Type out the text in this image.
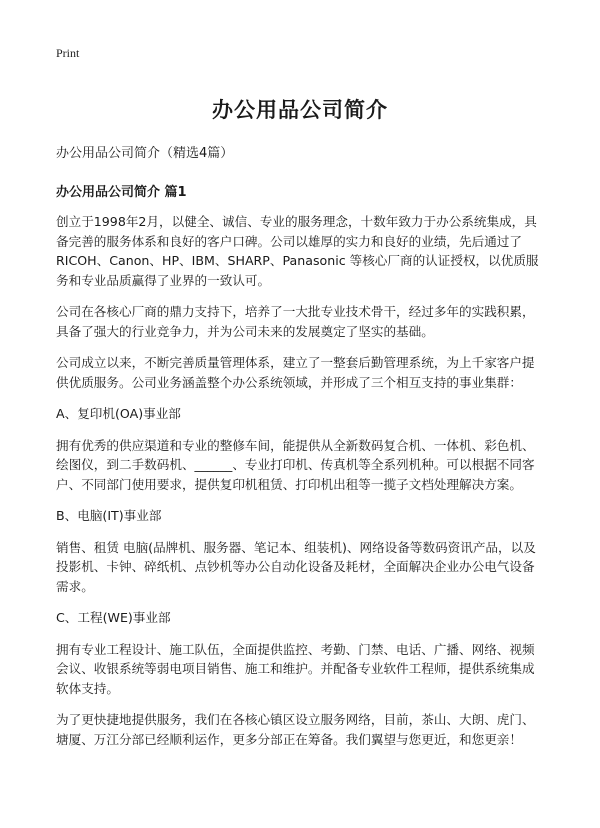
Print
办公用品公司简介
办公用品公司简介（精选4篇）
办公用品公司简介 篇1

创立于1998年2月，以健全、诚信、专业的服务理念，十数年致力于办公系统集成，具备完善的服务体系和良好的客户口碑。公司以雄厚的实力和良好的业绩，先后通过了 RICOH、Canon、HP、IBM、SHARP、Panasonic 等核心厂商的认证授权，以优质服务和专业品质赢得了业界的一致认可。

公司在各核心厂商的鼎力支持下，培养了一大批专业技术骨干，经过多年的实践积累，具备了强大的行业竞争力，并为公司未来的发展奠定了坚实的基础。

公司成立以来，不断完善质量管理体系，建立了一整套后勤管理系统，为上千家客户提供优质服务。公司业务涵盖整个办公系统领域，并形成了三个相互支持的事业集群：

A、复印机(OA)事业部

拥有优秀的供应渠道和专业的整修车间，能提供从全新数码复合机、一体机、彩色机、绘图仪，到二手数码机、______、专业打印机、传真机等全系列机种。可以根据不同客户、不同部门使用要求，提供复印机租赁、打印机出租等一揽子文档处理解决方案。

B、电脑(IT)事业部

销售、租赁 电脑(品牌机、服务器、笔记本、组装机)、网络设备等数码资讯产品，以及 投影机、卡钟、碎纸机、点钞机等办公自动化设备及耗材，全面解决企业办公电气设备需求。

C、工程(WE)事业部

拥有专业工程设计、施工队伍，全面提供监控、考勤、门禁、电话、广播、网络、视频会议、收银系统等弱电项目销售、施工和维护。并配备专业软件工程师，提供系统集成软体支持。

为了更快捷地提供服务，我们在各核心镇区设立服务网络，目前，茶山、大朗、虎门、塘厦、万江分部已经顺利运作，更多分部正在筹备。我们翼望与您更近，和您更亲！
